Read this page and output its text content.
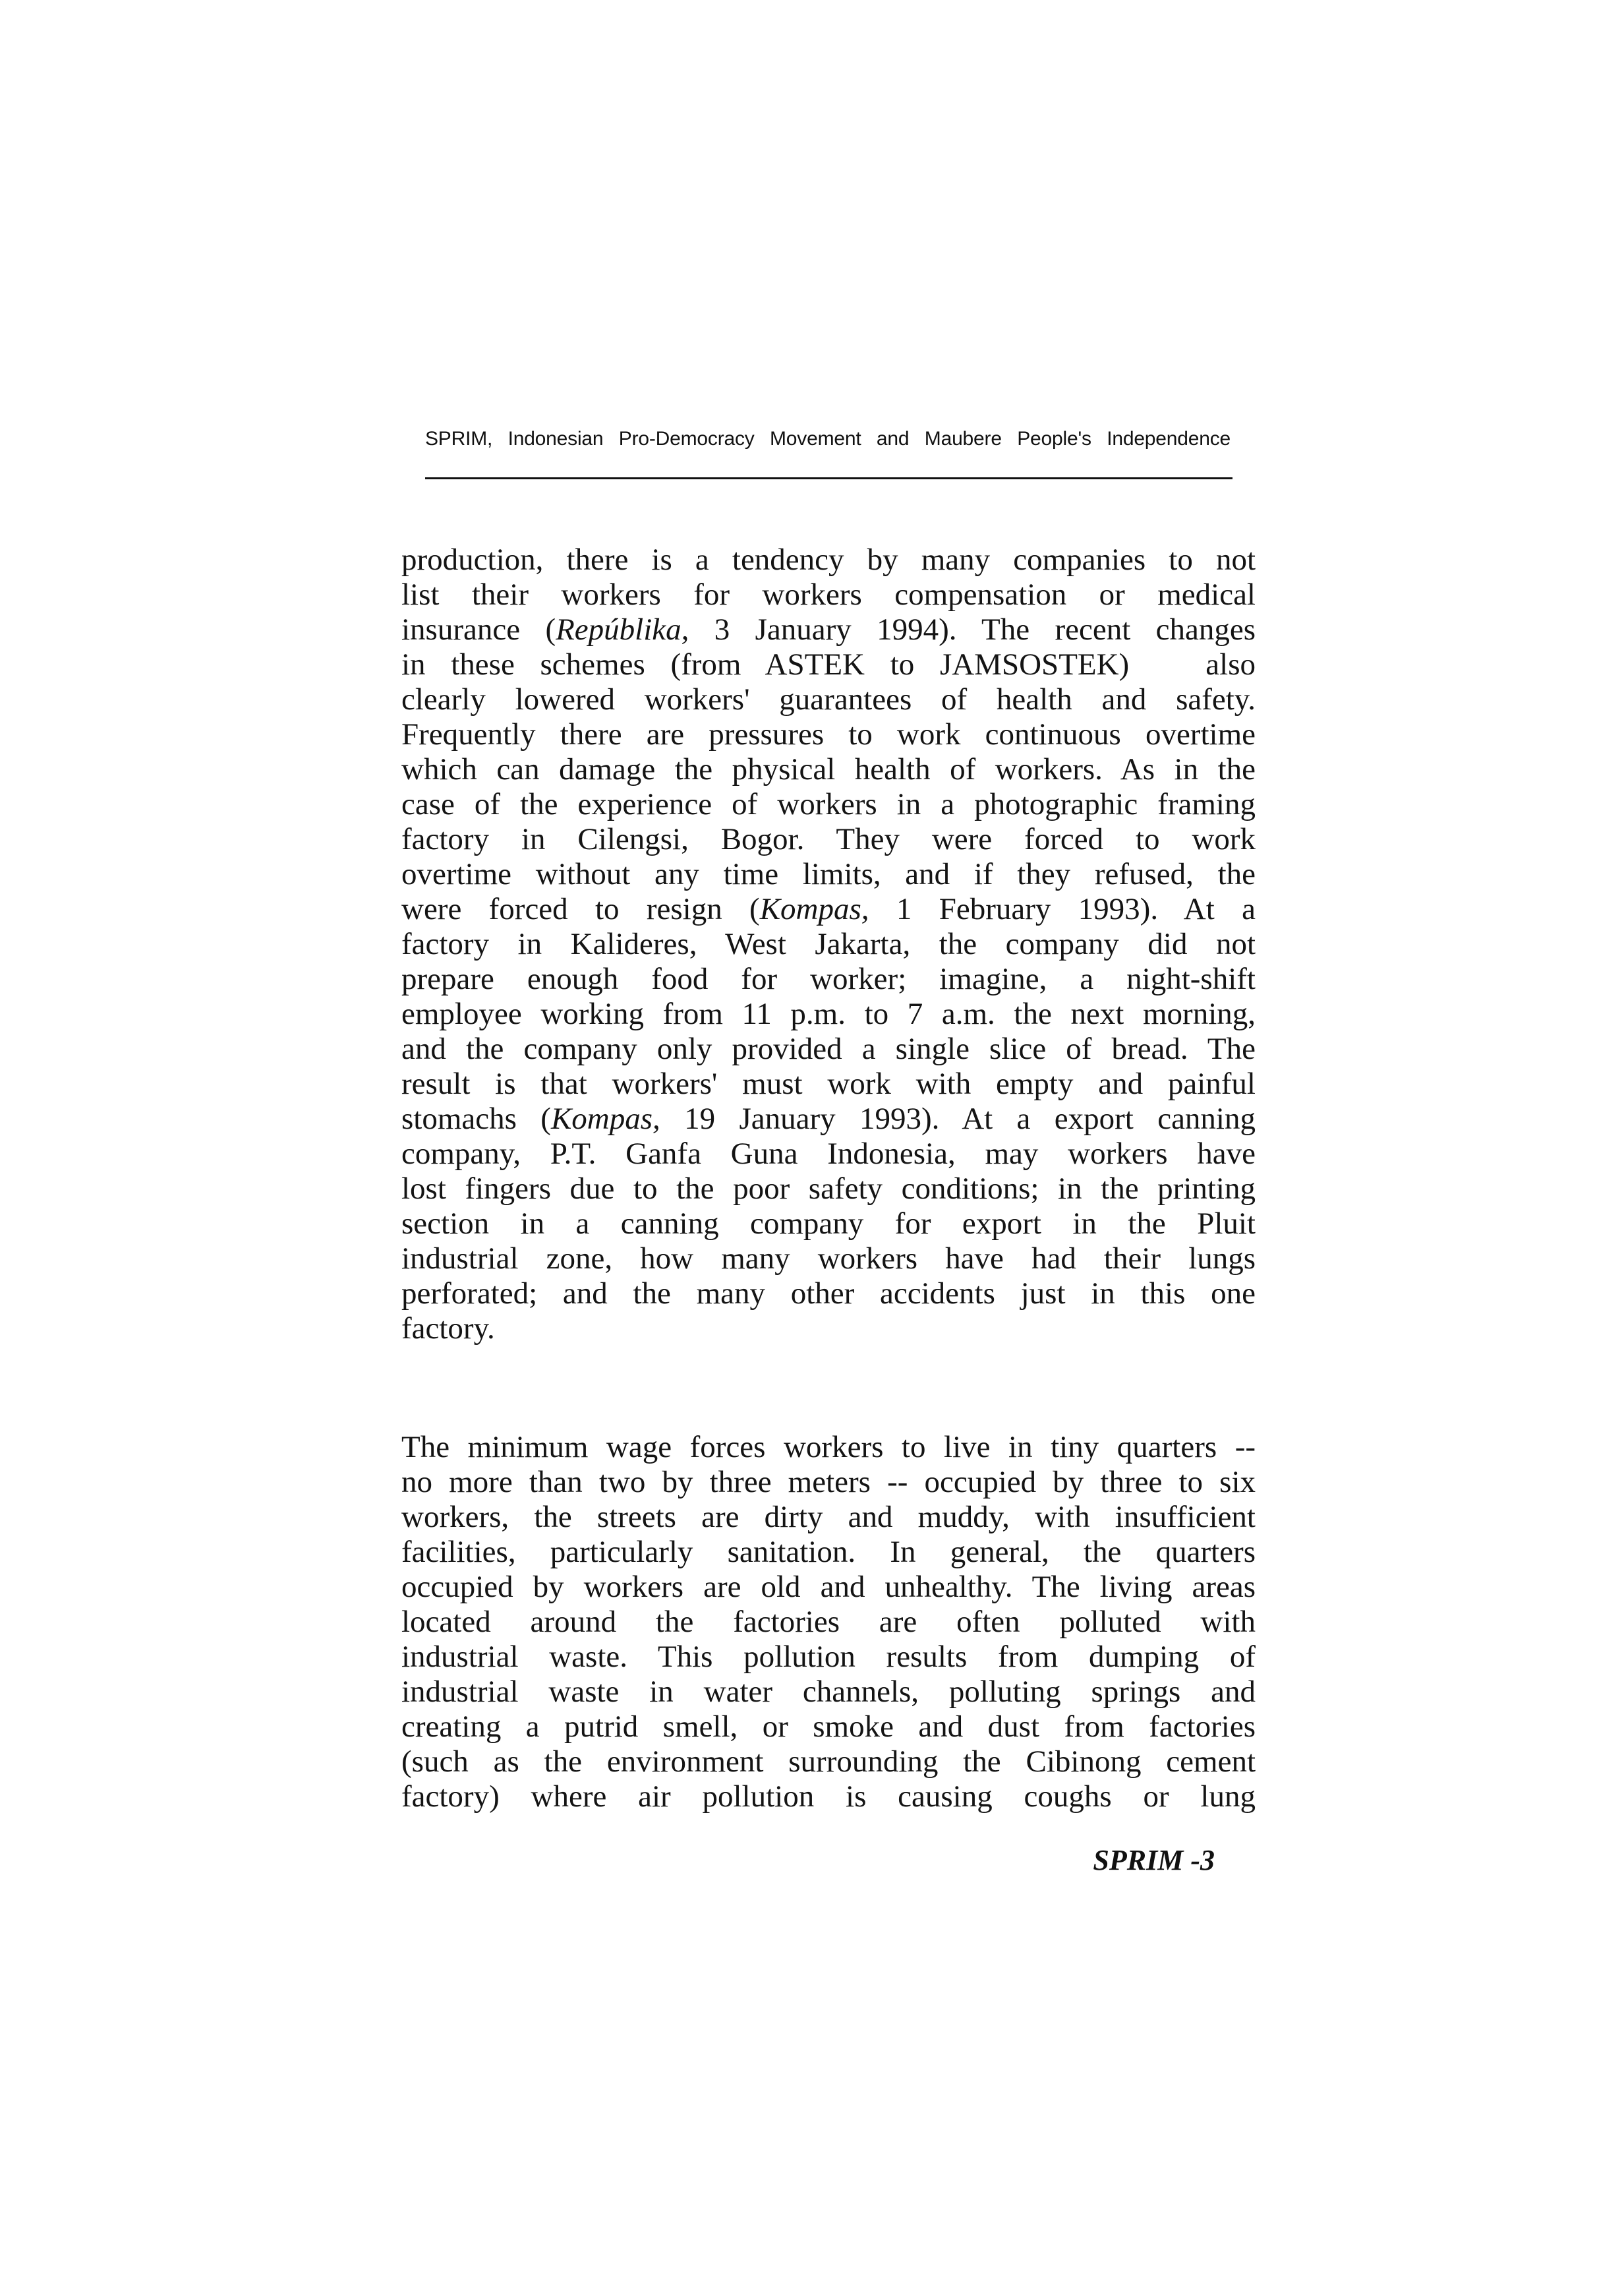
SPRIM, Indonesian Pro-Democracy Movement and Maubere People's Independence
production, there is a tendency by many companies to not
list their workers for workers compensation or medical
insurance (Repúblika, 3 January 1994). The recent changes
in these schemes (from ASTEK to JAMSOSTEK)   also
clearly lowered workers' guarantees of health and safety.
Frequently there are pressures to work continuous overtime
which can damage the physical health of workers. As in the
case of the experience of workers in a photographic framing
factory in Cilengsi, Bogor. They were forced to work
overtime without any time limits, and if they refused, the
were forced to resign (Kompas, 1 February 1993). At a
factory in Kalideres, West Jakarta, the company did not
prepare enough food for worker; imagine, a night-shift
employee working from 11 p.m. to 7 a.m. the next morning,
and the company only provided a single slice of bread. The
result is that workers' must work with empty and painful
stomachs (Kompas, 19 January 1993). At a export canning
company, P.T. Ganfa Guna Indonesia, may workers have
lost fingers due to the poor safety conditions; in the printing
section in a canning company for export in the Pluit
industrial zone, how many workers have had their lungs
perforated; and the many other accidents just in this one
factory.
The minimum wage forces workers to live in tiny quarters --
no more than two by three meters -- occupied by three to six
workers, the streets are dirty and muddy, with insufficient
facilities, particularly sanitation. In general, the quarters
occupied by workers are old and unhealthy. The living areas
located around the factories are often polluted with
industrial waste. This pollution results from dumping of
industrial waste in water channels, polluting springs and
creating a putrid smell, or smoke and dust from factories
(such as the environment surrounding the Cibinong cement
factory) where air pollution is causing coughs or lung
SPRIM -3
